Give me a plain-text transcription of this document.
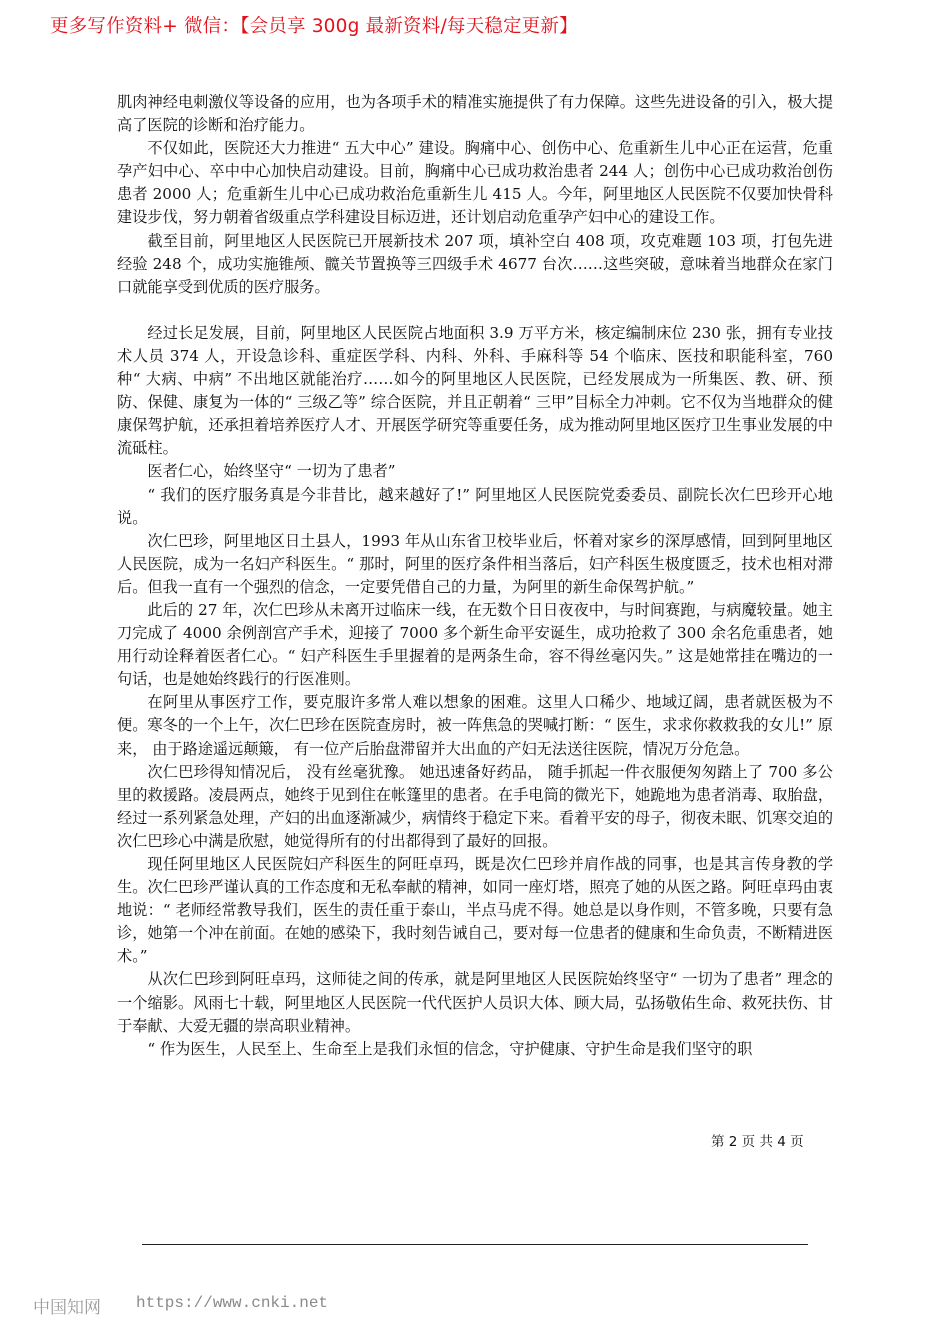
更多写作资料+ 微信：【会员享 300g 最新资料/每天稳定更新】

肌肉神经电刺激仪等设备的应用，也为各项手术的精准实施提供了有力保障。这些先进设备的引入，极大提高了医院的诊断和治疗能力。

不仅如此，医院还大力推进“ 五大中心” 建设。胸痛中心、创伤中心、危重新生儿中心正在运营，危重孕产妇中心、卒中中心加快启动建设。目前，胸痛中心已成功救治患者 244 人；创伤中心已成功救治创伤患者 2000 人；危重新生儿中心已成功救治危重新生儿 415 人。今年，阿里地区人民医院不仅要加快骨科建设步伐，努力朝着省级重点学科建设目标迈进，还计划启动危重孕产妇中心的建设工作。

截至目前，阿里地区人民医院已开展新技术 207 项，填补空白 408 项，攻克难题 103 项，打包先进经验 248 个，成功实施锥颅、髋关节置换等三四级手术 4677 台次……这些突破，意味着当地群众在家门口就能享受到优质的医疗服务。

经过长足发展，目前，阿里地区人民医院占地面积 3.9 万平方米，核定编制床位 230 张，拥有专业技术人员 374 人，开设急诊科、重症医学科、内科、外科、手麻科等 54 个临床、医技和职能科室，760 种“ 大病、中病” 不出地区就能治疗……如今的阿里地区人民医院，已经发展成为一所集医、教、研、预防、保健、康复为一体的“ 三级乙等” 综合医院，并且正朝着“ 三甲”目标全力冲刺。它不仅为当地群众的健康保驾护航，还承担着培养医疗人才、开展医学研究等重要任务，成为推动阿里地区医疗卫生事业发展的中流砥柱。

医者仁心，始终坚守“ 一切为了患者”

“ 我们的医疗服务真是今非昔比，越来越好了!” 阿里地区人民医院党委委员、副院长次仁巴珍开心地说。

次仁巴珍，阿里地区日土县人，1993 年从山东省卫校毕业后，怀着对家乡的深厚感情，回到阿里地区人民医院，成为一名妇产科医生。“ 那时，阿里的医疗条件相当落后，妇产科医生极度匮乏，技术也相对滞后。但我一直有一个强烈的信念，一定要凭借自己的力量，为阿里的新生命保驾护航。”

此后的 27 年，次仁巴珍从未离开过临床一线，在无数个日日夜夜中，与时间赛跑，与病魔较量。她主刀完成了 4000 余例剖宫产手术，迎接了 7000 多个新生命平安诞生，成功抢救了 300 余名危重患者，她用行动诠释着医者仁心。“ 妇产科医生手里握着的是两条生命，容不得丝毫闪失。” 这是她常挂在嘴边的一句话，也是她始终践行的行医准则。

在阿里从事医疗工作，要克服许多常人难以想象的困难。这里人口稀少、地域辽阔，患者就医极为不便。寒冬的一个上午，次仁巴珍在医院查房时，被一阵焦急的哭喊打断：“ 医生，求求你救救我的女儿!” 原来， 由于路途遥远颠簸， 有一位产后胎盘滞留并大出血的产妇无法送往医院，情况万分危急。

次仁巴珍得知情况后， 没有丝毫犹豫。 她迅速备好药品， 随手抓起一件衣服便匆匆踏上了 700 多公里的救援路。凌晨两点，她终于见到住在帐篷里的患者。在手电筒的微光下，她跪地为患者消毒、取胎盘，经过一系列紧急处理，产妇的出血逐渐减少，病情终于稳定下来。看着平安的母子，彻夜未眠、饥寒交迫的次仁巴珍心中满是欣慰，她觉得所有的付出都得到了最好的回报。

现任阿里地区人民医院妇产科医生的阿旺卓玛，既是次仁巴珍并肩作战的同事，也是其言传身教的学生。次仁巴珍严谨认真的工作态度和无私奉献的精神，如同一座灯塔，照亮了她的从医之路。阿旺卓玛由衷地说：“ 老师经常教导我们，医生的责任重于泰山，半点马虎不得。她总是以身作则，不管多晚，只要有急诊，她第一个冲在前面。在她的感染下，我时刻告诫自己，要对每一位患者的健康和生命负责，不断精进医术。”

从次仁巴珍到阿旺卓玛，这师徒之间的传承，就是阿里地区人民医院始终坚守“ 一切为了患者” 理念的一个缩影。风雨七十载，阿里地区人民医院一代代医护人员识大体、顾大局，弘扬敬佑生命、救死扶伤、甘于奉献、大爱无疆的崇高职业精神。

“ 作为医生，人民至上、生命至上是我们永恒的信念，守护健康、守护生命是我们坚守的职

第 2 页 共 4 页
中国知网 https://www.cnki.net
